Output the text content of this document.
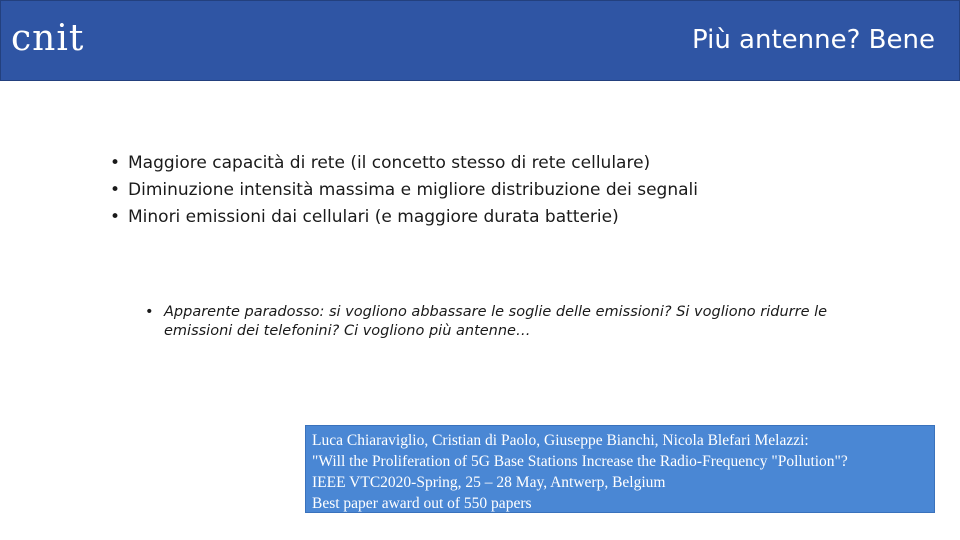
cnit	Più antenne? Bene
• Maggiore capacità di rete (il concetto stesso di rete cellulare)
• Diminuzione intensità massima e migliore distribuzione dei segnali
• Minori emissioni dai cellulari (e maggiore durata batterie)
• Apparente paradosso: si vogliono abbassare le soglie delle emissioni? Si vogliono ridurre le emissioni dei telefonini? Ci vogliono più antenne…
Luca Chiaraviglio, Cristian di Paolo, Giuseppe Bianchi, Nicola Blefari Melazzi:
"Will the Proliferation of 5G Base Stations Increase the Radio-Frequency "Pollution"?
IEEE VTC2020-Spring, 25 – 28 May, Antwerp, Belgium
Best paper award out of 550 papers
